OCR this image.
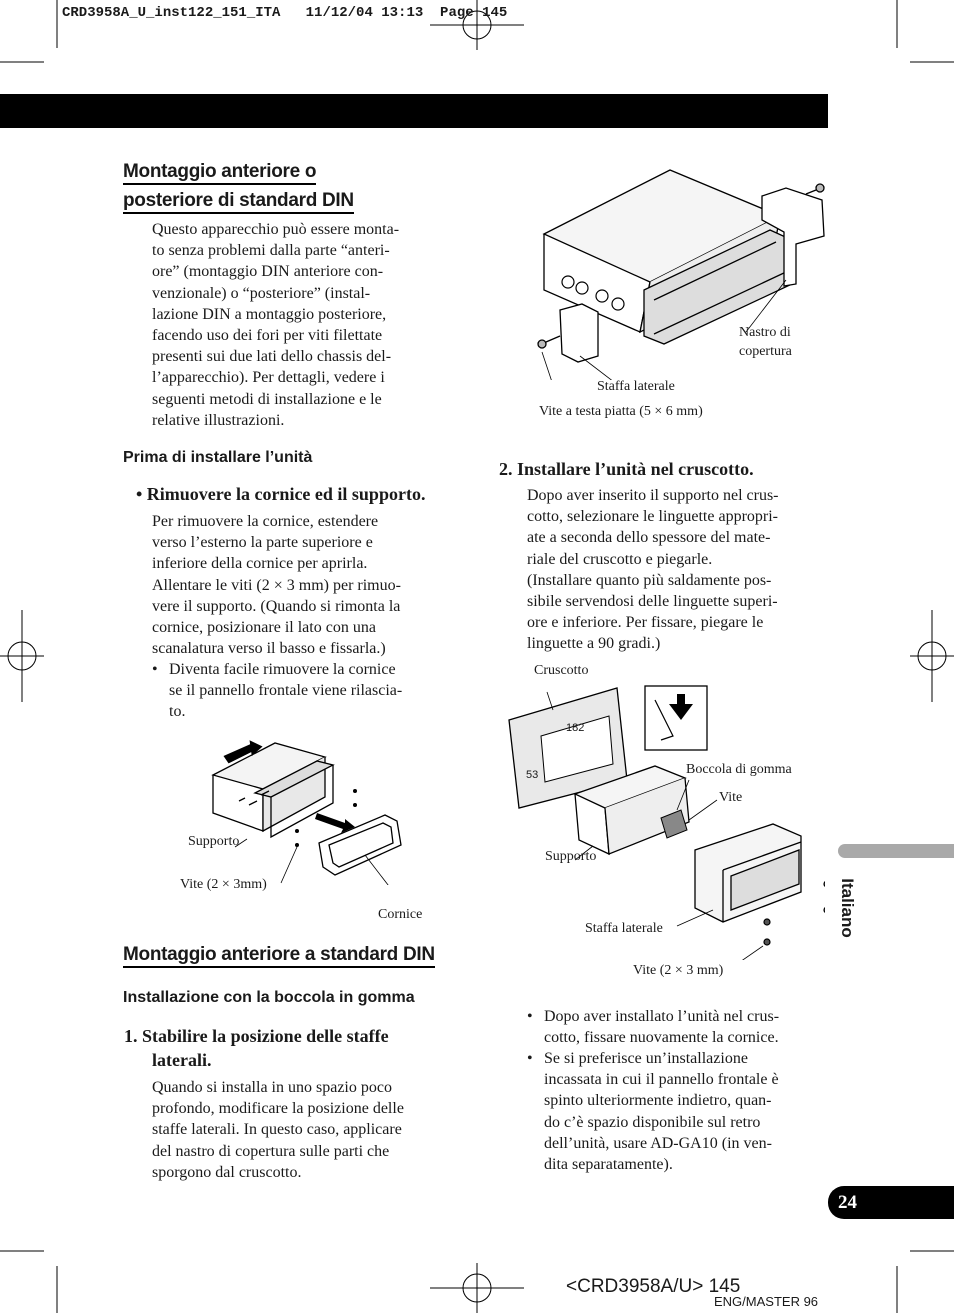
CRD3958A_U_inst122_151_ITA   11/12/04 13:13  Page 145
Montaggio anteriore o
posteriore di standard DIN
Questo apparecchio può essere monta-
to senza problemi dalla parte “anteri-
ore” (montaggio DIN anteriore con-
venzionale) o “posteriore” (instal-
lazione DIN a montaggio posteriore,
facendo uso dei fori per viti filettate
presenti sui due lati dello chassis del-
l’apparecchio). Per dettagli, vedere i
seguenti metodi di installazione e le
relative illustrazioni.
Prima di installare l’unità
• Rimuovere la cornice ed il supporto.
Per rimuovere la cornice, estendere
verso l’esterno la parte superiore e
inferiore della cornice per aprirla.
Allentare le viti (2 × 3 mm) per rimuo-
vere il supporto. (Quando si rimonta la
cornice, posizionare il lato con una
scanalatura verso il basso e fissarla.)
• Diventa facile rimuovere la cornice
se il pannello frontale viene rilascia-
to.
Supporto
Vite (2 × 3mm)
Cornice
Montaggio anteriore a standard DIN
Installazione con la boccola in gomma
1. Stabilire la posizione delle staffe
laterali.
Quando si installa in uno spazio poco
profondo, modificare la posizione delle
staffe laterali. In questo caso, applicare
del nastro di copertura sulle parti che
sporgono dal cruscotto.
Nastro di
copertura
Staffa laterale
Vite a testa piatta (5 × 6 mm)
2. Installare l’unità nel cruscotto.
Dopo aver inserito il supporto nel crus-
cotto, selezionare le linguette appropri-
ate a seconda dello spessore del mate-
riale del cruscotto e piegarle.
(Installare quanto più saldamente pos-
sibile servendosi delle linguette superi-
ore e inferiore. Per fissare, piegare le
linguette a 90 gradi.)
Cruscotto
182
53	Boccola di gomma
Vite
Supporto
Staffa laterale
Vite (2 × 3 mm)
• Dopo aver installato l’unità nel crus-
cotto, fissare nuovamente la cornice.
• Se si preferisce un’installazione
incassata in cui il pannello frontale è
spinto ulteriormente indietro, quan-
do c’è spazio disponibile sul retro
dell’unità, usare AD-GA10 (in ven-
dita separatamente).
Italiano
24
<CRD3958A/U> 145
ENG/MASTER 96
